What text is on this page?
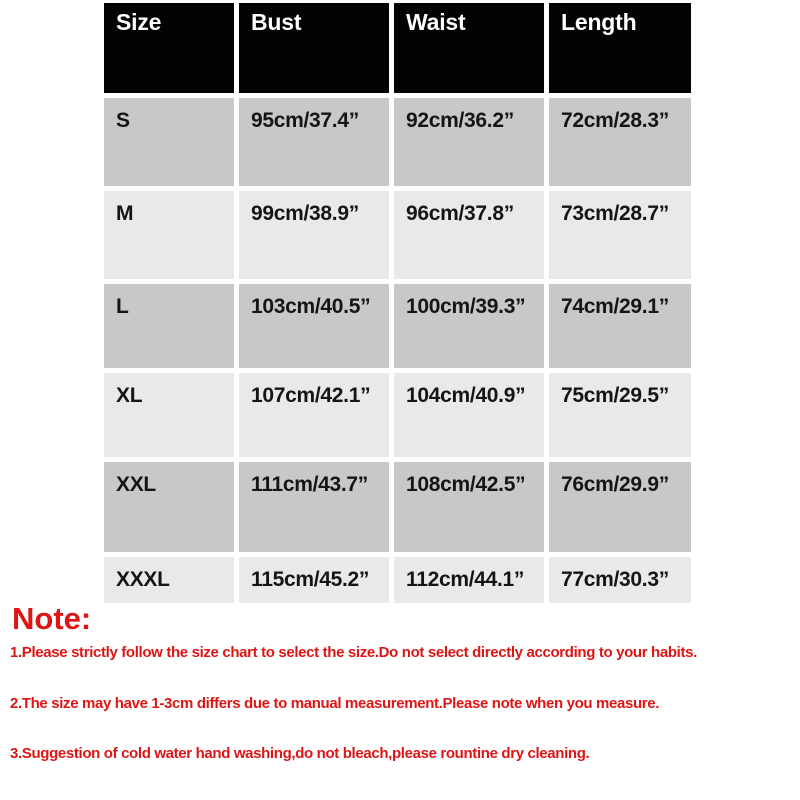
Size	Bust	Waist	Length
S	95cm/37.4”	92cm/36.2”	72cm/28.3”
M	99cm/38.9”	96cm/37.8”	73cm/28.7”
L	103cm/40.5”	100cm/39.3”	74cm/29.1”
XL	107cm/42.1”	104cm/40.9”	75cm/29.5”
XXL	111cm/43.7”	108cm/42.5”	76cm/29.9”
XXXL	115cm/45.2”	112cm/44.1”	77cm/30.3”
Note:

1.Please strictly follow the size chart to select the size.Do not select directly according to your habits.

2.The size may have 1-3cm differs due to manual measurement.Please note when you measure.

3.Suggestion of cold water hand washing,do not bleach,please rountine dry cleaning.
